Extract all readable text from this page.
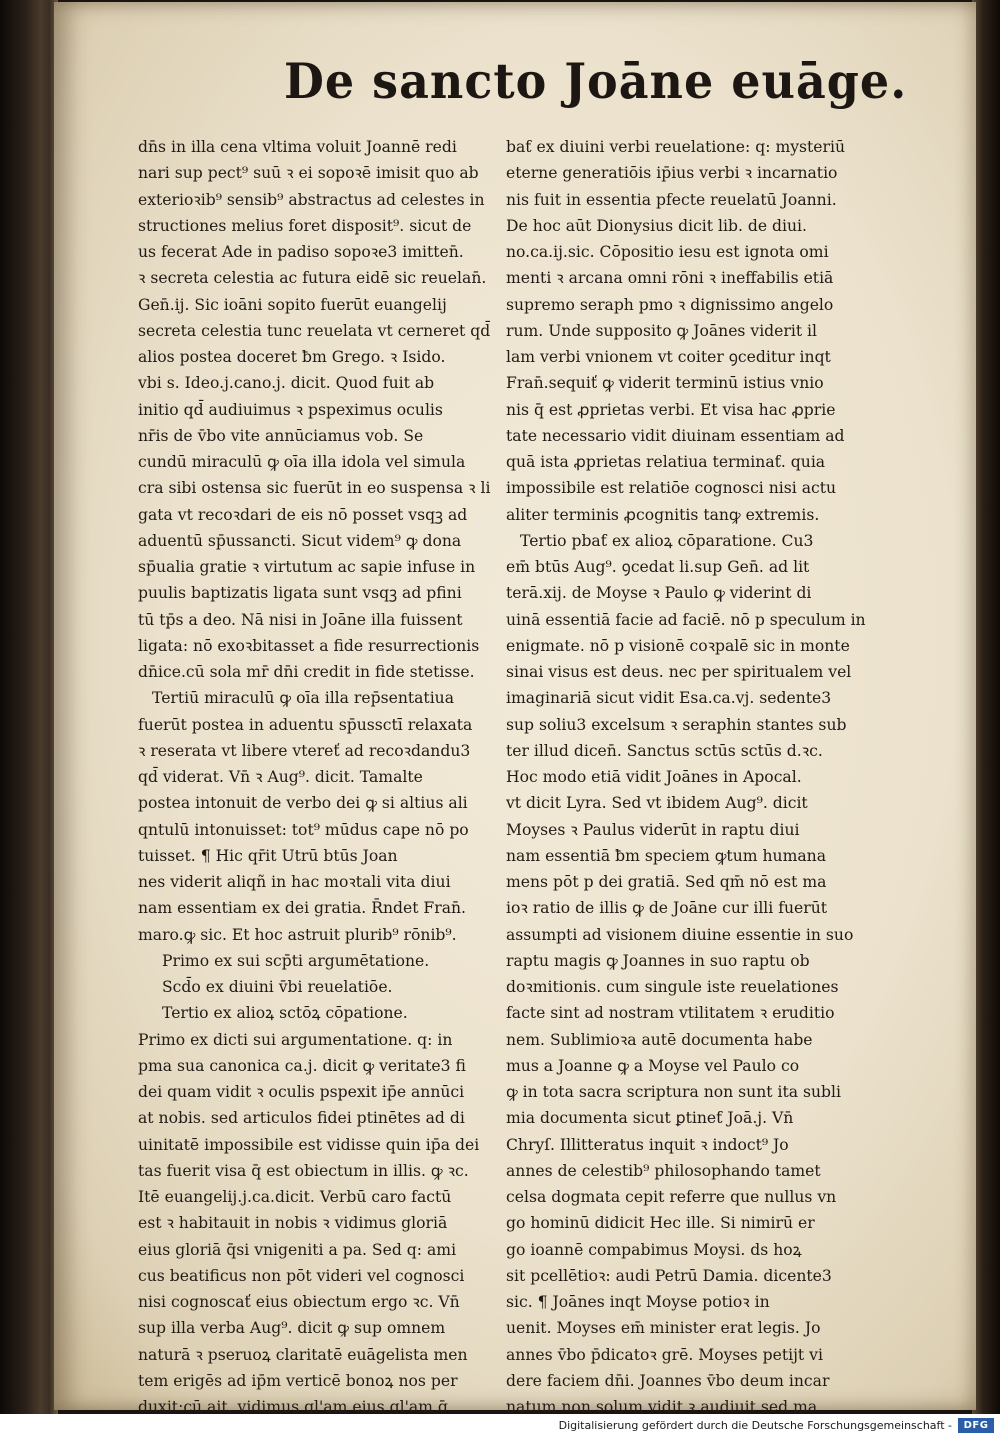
De sancto Joāne euāge.
dn̄s in illa cena vltima voluit Joannē redi
nari sup pect⁹ suū ꝛ ei sopoꝛē imisit quo ab
exterioꝛib⁹ sensib⁹ abstractus ad celestes in
structiones melius foret disposit⁹. sicut de
us fecerat Ade in padiso sopoꝛe3 imitten̄.
ꝛ secreta celestia ac futura eidē sic reuelan̄.
Gen̄.ij. Sic ioāni sopito fuerūt euangelij
secreta celestia tunc reuelata vt cerneret qd̄
alios postea doceret ƀm Grego. ꝛ Isido.
vbi s. Ideo.j.cano.j. dicit. Quod fuit ab
initio qd̄ audiuimus ꝛ pspeximus oculis
nr̄is de v̄bo vite annūciamus vob. Se
cundū miraculū ꝙ oīa illa idola vel simula
cra sibi ostensa sic fuerūt in eo suspensa ꝛ li
gata vt recoꝛdari de eis nō posset vsqꝫ ad
aduentū sp̄ussancti. Sicut videm⁹ ꝙ dona
sp̄ualia gratie ꝛ virtutum ac sapie infuse in
puulis baptizatis ligata sunt vsqꝫ ad pfini
tū tp̄s a deo. Nā nisi in Joāne illa fuissent
ligata: nō exoꝛbitasset a fide resurrectionis
dn̄ice.cū sola mr̄ dn̄i credit in fide stetisse.
Tertiū miraculū ꝙ oīa illa rep̄sentatiua
fuerūt postea in aduentu sp̄ussctī relaxata
ꝛ reserata vt libere vtereť ad recoꝛdandu3
qd̄ viderat. Vn̄ ꝛ Aug⁹. dicit. Tamalte
postea intonuit de verbo dei ꝙ si altius ali
qntulū intonuisset: tot⁹ mūdus cape nō po
tuisset. ¶ Hic qr̄it Utrū btūs Joan
nes viderit aliqñ in hac moꝛtali vita diui
nam essentiam ex dei gratia. R̄ndet Fran̄.
maro.ꝙ sic. Et hoc astruit plurib⁹ rōnib⁹.
Primo ex sui scp̄ti argumētatione.
Scd̄o ex diuini v̄bi reuelatiōe.
Tertio ex alioꝝ sctōꝝ cōpatione.
Primo ex dicti sui argumentatione. q: in
pma sua canonica ca.j. dicit ꝙ veritate3 fi
dei quam vidit ꝛ oculis pspexit ip̄e annūci
at nobis. sed articulos fidei ptinētes ad di
uinitatē impossibile est vidisse quin ip̄a dei
tas fuerit visa q̄ est obiectum in illis. ꝙ ꝛc.
Itē euangelij.j.ca.dicit. Verbū caro factū
est ꝛ habitauit in nobis ꝛ vidimus gloriā
eius gloriā q̄si vnigeniti a pa. Sed q: ami
cus beatificus non pōt videri vel cognosci
nisi cognoscať eius obiectum ergo ꝛc. Vn̄
sup illa verba Aug⁹. dicit ꝙ sup omnem
naturā ꝛ pseruoꝝ claritatē euāgelista men
tem erigēs ad ip̄m verticē bonoꝝ nos per
duxit:cū ait. vidimus gl'am eius gl'am q̄
baƭ ex diuini verbi reuelatione: q: mysteriū
eterne generatiōis ip̄ius verbi ꝛ incarnatio
nis fuit in essentia pfecte reuelatū Joanni.
De hoc aūt Dionysius dicit lib. de diui.
no.ca.ij.sic. Cōpositio iesu est ignota omi
menti ꝛ arcana omni rōni ꝛ ineffabilis etiā
supremo seraph pmo ꝛ dignissimo angelo
rum. Unde supposito ꝙ Joānes viderit il
lam verbi vnionem vt coiter ꝯceditur inqt
Fran̄.sequiť ꝙ viderit terminū istius vnio
nis q̄ est ꝓprietas verbi. Et visa hac ꝓprie
tate necessario vidit diuinam essentiam ad
quā ista ꝓprietas relatiua terminaƭ. quia
impossibile est relatiōe cognosci nisi actu
aliter terminis ꝓcognitis tanꝙ extremis.
Tertio pbaƭ ex alioꝝ cōparatione. Cu3
em̄ btūs Aug⁹. ꝯcedat li.sup Gen̄. ad lit
terā.xij. de Moyse ꝛ Paulo ꝙ viderint di
uinā essentiā facie ad faciē. nō p speculum in
enigmate. nō p visionē coꝛpalē sic in monte
sinai visus est deus. nec per spiritualem vel
imaginariā sicut vidit Esa.ca.vj. sedente3
sup soliu3 excelsum ꝛ seraphin stantes sub
ter illud dicen̄. Sanctus sctūs sctūs d.ꝛc.
Hoc modo etiā vidit Joānes in Apocal.
vt dicit Lyra. Sed vt ibidem Aug⁹. dicit
Moyses ꝛ Paulus viderūt in raptu diui
nam essentiā ƀm speciem ꝙtum humana
mens pōt p dei gratiā. Sed qm̄ nō est ma
ioꝛ ratio de illis ꝙ de Joāne cur illi fuerūt
assumpti ad visionem diuine essentie in suo
raptu magis ꝙ Joannes in suo raptu ob
doꝛmitionis. cum singule iste reuelationes
facte sint ad nostram vtilitatem ꝛ eruditio
nem. Sublimioꝛa autē documenta habe
mus a Joanne ꝙ a Moyse vel Paulo co
ꝙ in tota sacra scriptura non sunt ita subli
mia documenta sicut ꝑtineƭ Joā.j. Vn̄
Chryſ. Illitteratus inquit ꝛ indoct⁹ Jo
annes de celestib⁹ philosophando tamet
celsa dogmata cepit referre que nullus vn
go hominū didicit Hec ille. Si nimirū er
go ioannē compabimus Moysi. ds hoꝝ
sit pcellētioꝛ: audi Petrū Damia. dicente3
sic. ¶ Joānes inqt Moyse potioꝛ in
uenit. Moyses em̄ minister erat legis. Jo
annes v̄bo p̄dicatoꝛ grē. Moyses petijt vi
dere faciem dn̄i. Joannes v̄bo deum incar
natum non solum vidit ꝛ audiuit sed ma
Digitalisierung gefördert durch die Deutsche Forschungsgemeinschaft -	DFG
